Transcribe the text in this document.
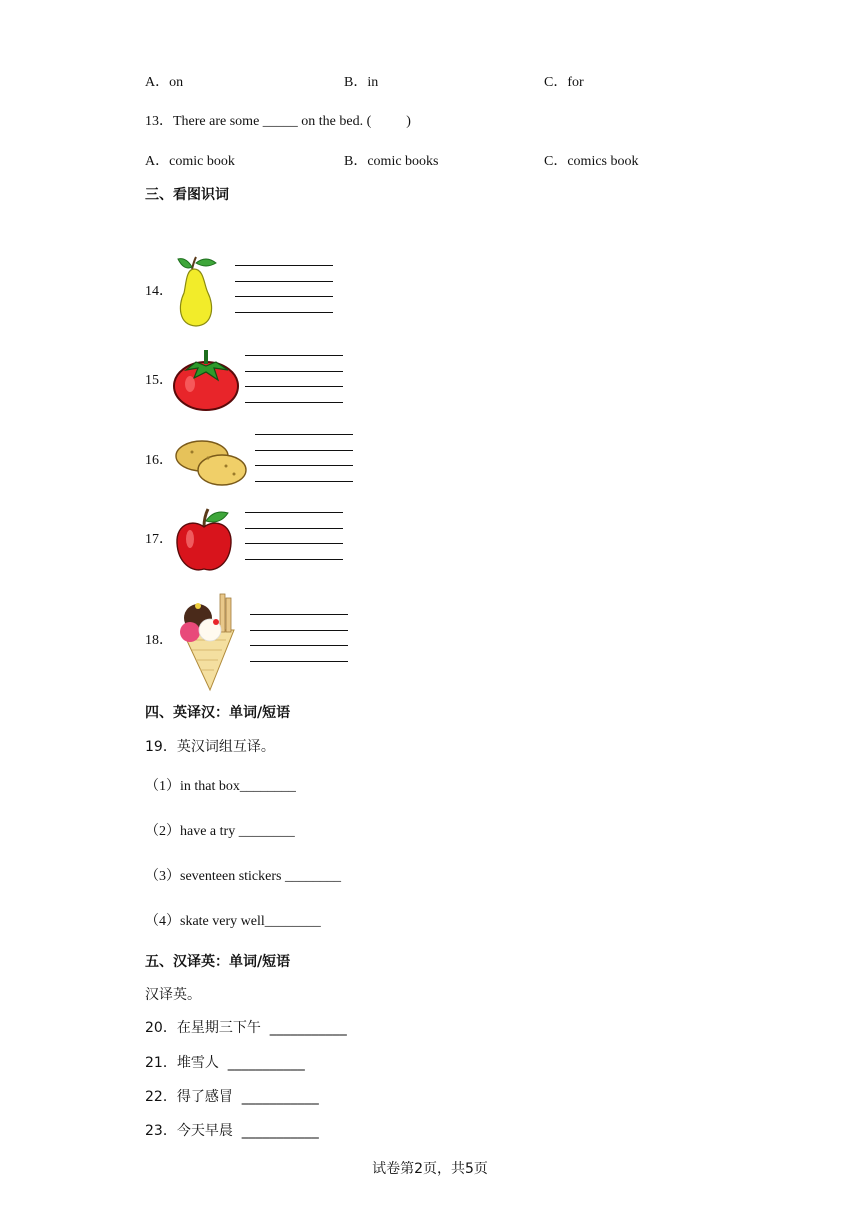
A．on	B．in	C．for
13．There are some _____ on the bed. (          )
A．comic book	B．comic books	C．comics book
三、看图识词
14．
15．
16．
17．
18．
四、英译汉：单词/短语
19．英汉词组互译。
（1）in that box________
（2）have a try ________
（3）seventeen stickers ________
（4）skate very well________
五、汉译英：单词/短语
汉译英。
20．在星期三下午  ___________
21．堆雪人  ___________
22．得了感冒  ___________
23．今天早晨  ___________
试卷第2页，共5页
